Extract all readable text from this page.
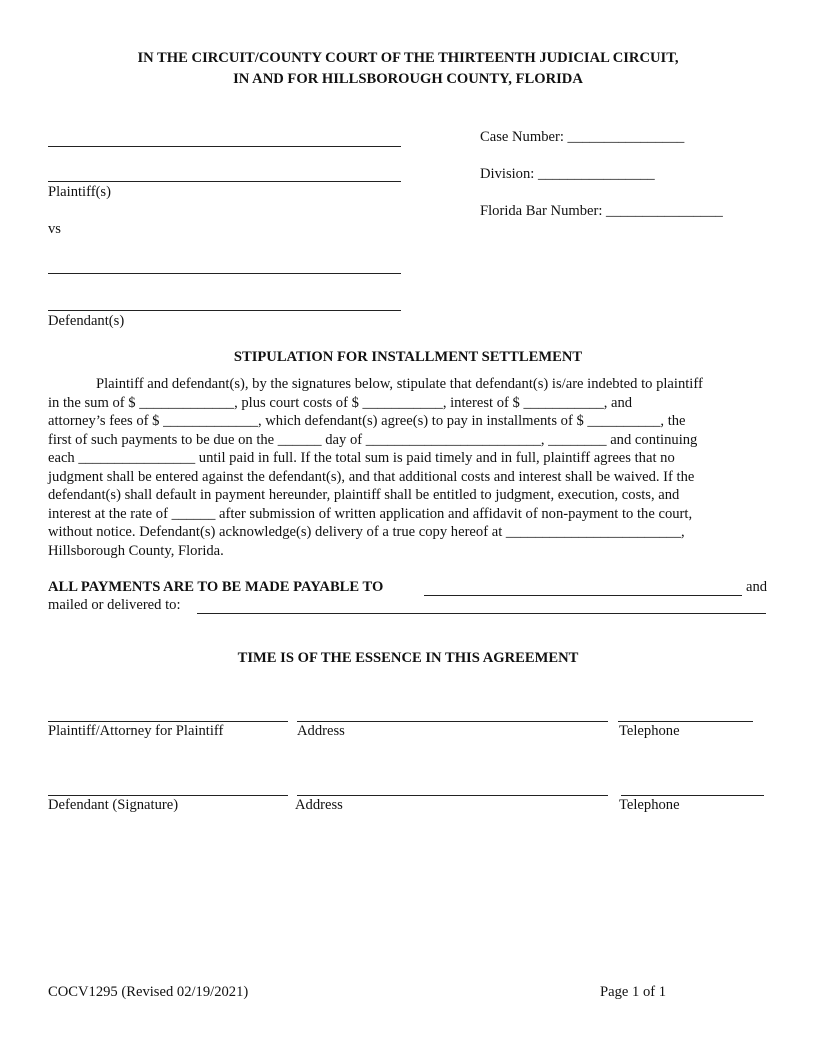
IN THE CIRCUIT/COUNTY COURT OF THE THIRTEENTH JUDICIAL CIRCUIT,
IN AND FOR HILLSBOROUGH COUNTY, FLORIDA
Plaintiff(s)
vs
Defendant(s)
Case Number: ________________
Division: ________________
Florida Bar Number: ________________
STIPULATION FOR INSTALLMENT SETTLEMENT
Plaintiff and defendant(s), by the signatures below, stipulate that defendant(s) is/are indebted to plaintiff
in the sum of $ _____________, plus court costs of $ ___________, interest of $ ___________, and
attorney’s fees of $ _____________, which defendant(s) agree(s) to pay in installments of $ __________, the
first of such payments to be due on the ______ day of ________________________, ________ and continuing
each ________________ until paid in full. If the total sum is paid timely and in full, plaintiff agrees that no
judgment shall be entered against the defendant(s), and that additional costs and interest shall be waived. If the
defendant(s) shall default in payment hereunder, plaintiff shall be entitled to judgment, execution, costs, and
interest at the rate of ______ after submission of written application and affidavit of non-payment to the court,
without notice. Defendant(s) acknowledge(s) delivery of a true copy hereof at ________________________,
Hillsborough County, Florida.
ALL PAYMENTS ARE TO BE MADE PAYABLE TO	and
mailed or delivered to:
TIME IS OF THE ESSENCE IN THIS AGREEMENT
Plaintiff/Attorney for Plaintiff	Address	Telephone
Defendant (Signature)	Address	Telephone
COCV1295 (Revised 02/19/2021)	Page 1 of 1
